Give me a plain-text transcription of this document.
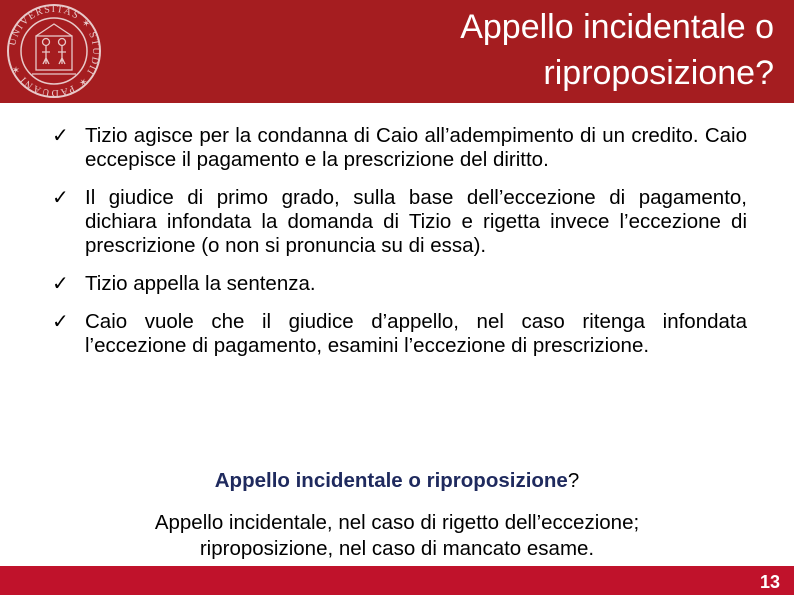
UNIVERSITAS ✶ STUDII ✶ PADUANI ✶
Appello incidentale o
riproposizione?
✓ Tizio agisce per la condanna di Caio all’adempimento di un credito. Caio eccepisce il pagamento e la prescrizione del diritto.
✓ Il giudice di primo grado, sulla base dell’eccezione di pagamento, dichiara infondata la domanda di Tizio e rigetta invece l’eccezione di prescrizione (o non si pronuncia su di essa).
✓ Tizio appella la sentenza.
✓ Caio vuole che il giudice d’appello, nel caso ritenga infondata l’eccezione di pagamento, esamini l’eccezione di prescrizione.
Appello incidentale o riproposizione?
Appello incidentale, nel caso di rigetto dell’eccezione;
riproposizione, nel caso di mancato esame.
13
